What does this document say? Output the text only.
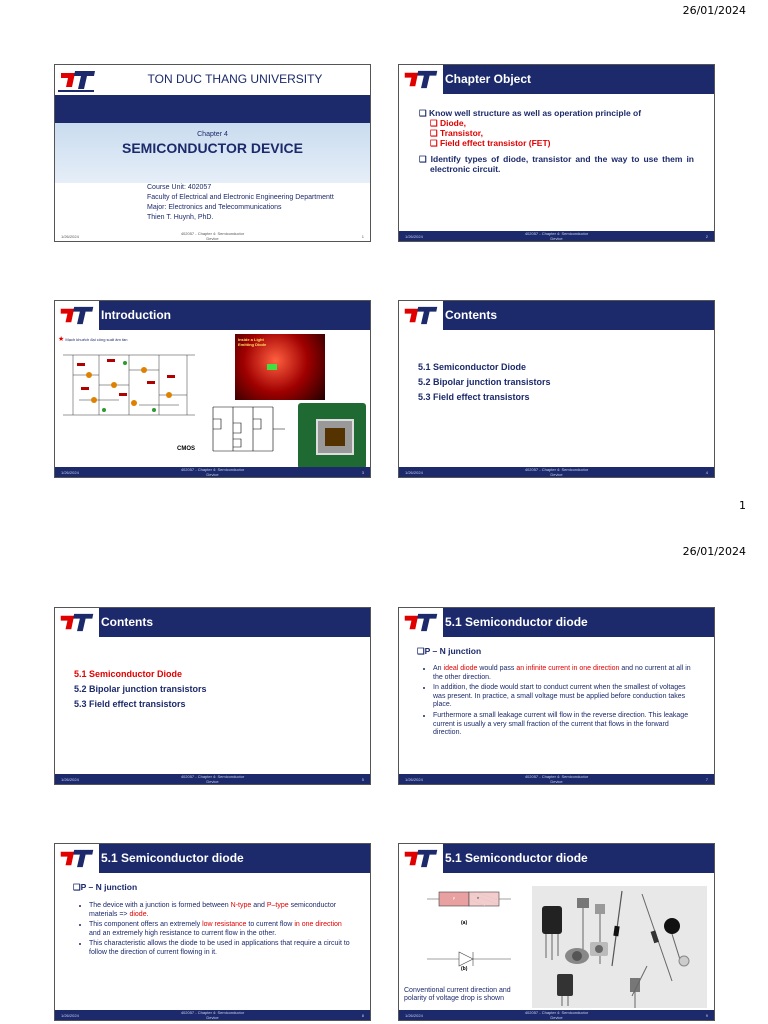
26/01/2024
TON DUC THANG UNIVERSITY
Chapter 4
SEMICONDUCTOR DEVICE
Course Unit: 402057
Faculty of Electrical and Electronic Engineering Departmentt
Major: Electronics and Telecommunications
Thien T. Huynh, PhD.
1/26/2024
402057 - Chapter 4: Semiconductor Device	1
Chapter Object
❑ Know well structure as well as operation principle of
❑ Diode,
❑ Transistor,
❑ Field effect transistor (FET)
❑ Identify types of diode, transistor and the way to use them in electronic circuit.
1/26/2024
402057 - Chapter 4: Semiconductor Device	2
Introduction
★ Mạch khuếch đại công suất âm tần	Inside a Light Emitting Diode
CMOS
1/26/2024
402057 - Chapter 4: Semiconductor Device	3
Contents
5.1 Semiconductor Diode
5.2 Bipolar junction transistors
5.3 Field effect transistors
1/26/2024
402057 - Chapter 4: Semiconductor Device	4
1
26/01/2024
Contents
5.1 Semiconductor Diode
5.2 Bipolar junction transistors
5.3 Field effect transistors
1/26/2024
402057 - Chapter 4: Semiconductor Device	5
5.1 Semiconductor diode
❑ P – N junction
• An ideal diode would pass an infinite current in one direction and no current at all in the other direction.
• In addition, the diode would start to conduct current when the smallest of voltages was present. In practice, a small voltage must be applied before conduction takes place.
• Furthermore a small leakage current will flow in the reverse direction. This leakage current is usually a very small fraction of the current that flows in the forward direction.
1/26/2024
402057 - Chapter 4: Semiconductor Device	7
5.1 Semiconductor diode
❑ P – N junction
• The device with a junction is formed between N-type and P–type semiconductor materials => diode.
• This component offers an extremely low resistance to current flow in one direction and an extremely high resistance to current flow in the other.
• This characteristic allows the diode to be used in applications that require a circuit to follow the direction of current flowing in it.
1/26/2024
402057 - Chapter 4: Semiconductor Device	8
5.1 Semiconductor diode
p	n
(a)
(b)
Conventional current direction and polarity of voltage drop is shown
1/26/2024
402057 - Chapter 4: Semiconductor Device	9
